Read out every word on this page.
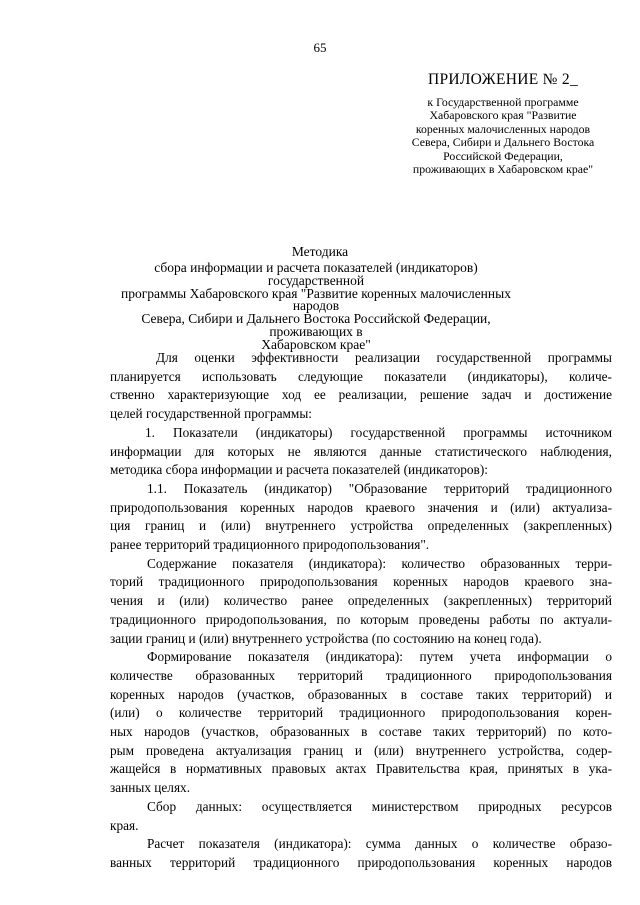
65
ПРИЛОЖЕНИЕ № 2_
к Государственной программе
Хабаровского края "Развитие
коренных малочисленных народов
Севера, Сибири и Дальнего Востока
Российской Федерации,
проживающих в Хабаровском крае"
Методика
сбора информации и расчета показателей (индикаторов) государственной
программы Хабаровского края "Развитие коренных малочисленных народов
Севера, Сибири и Дальнего Востока Российской Федерации, проживающих в
Хабаровском крае"
Для оценки эффективности реализации государственной программы
планируется использовать следующие показатели (индикаторы), количе-
ственно характеризующие ход ее реализации, решение задач и достижение
целей государственной программы:
1. Показатели (индикаторы) государственной программы источником
информации для которых не являются данные статистического наблюдения,
методика сбора информации и расчета показателей (индикаторов):
1.1. Показатель (индикатор) "Образование территорий традиционного
природопользования коренных народов краевого значения и (или) актуализа-
ция границ и (или) внутреннего устройства определенных (закрепленных)
ранее территорий традиционного природопользования".
Содержание показателя (индикатора): количество образованных терри-
торий традиционного природопользования коренных народов краевого зна-
чения и (или) количество ранее определенных (закрепленных) территорий
традиционного природопользования, по которым проведены работы по актуали-
зации границ и (или) внутреннего устройства (по состоянию на конец года).
Формирование показателя (индикатора): путем учета информации о
количестве образованных территорий традиционного природопользования
коренных народов (участков, образованных в составе таких территорий) и
(или) о количестве территорий традиционного природопользования корен-
ных народов (участков, образованных в составе таких территорий) по кото-
рым проведена актуализация границ и (или) внутреннего устройства, содер-
жащейся в нормативных правовых актах Правительства края, принятых в ука-
занных целях.
Сбор данных: осуществляется министерством природных ресурсов
края.
Расчет показателя (индикатора): сумма данных о количестве образо-
ванных территорий традиционного природопользования коренных народов
